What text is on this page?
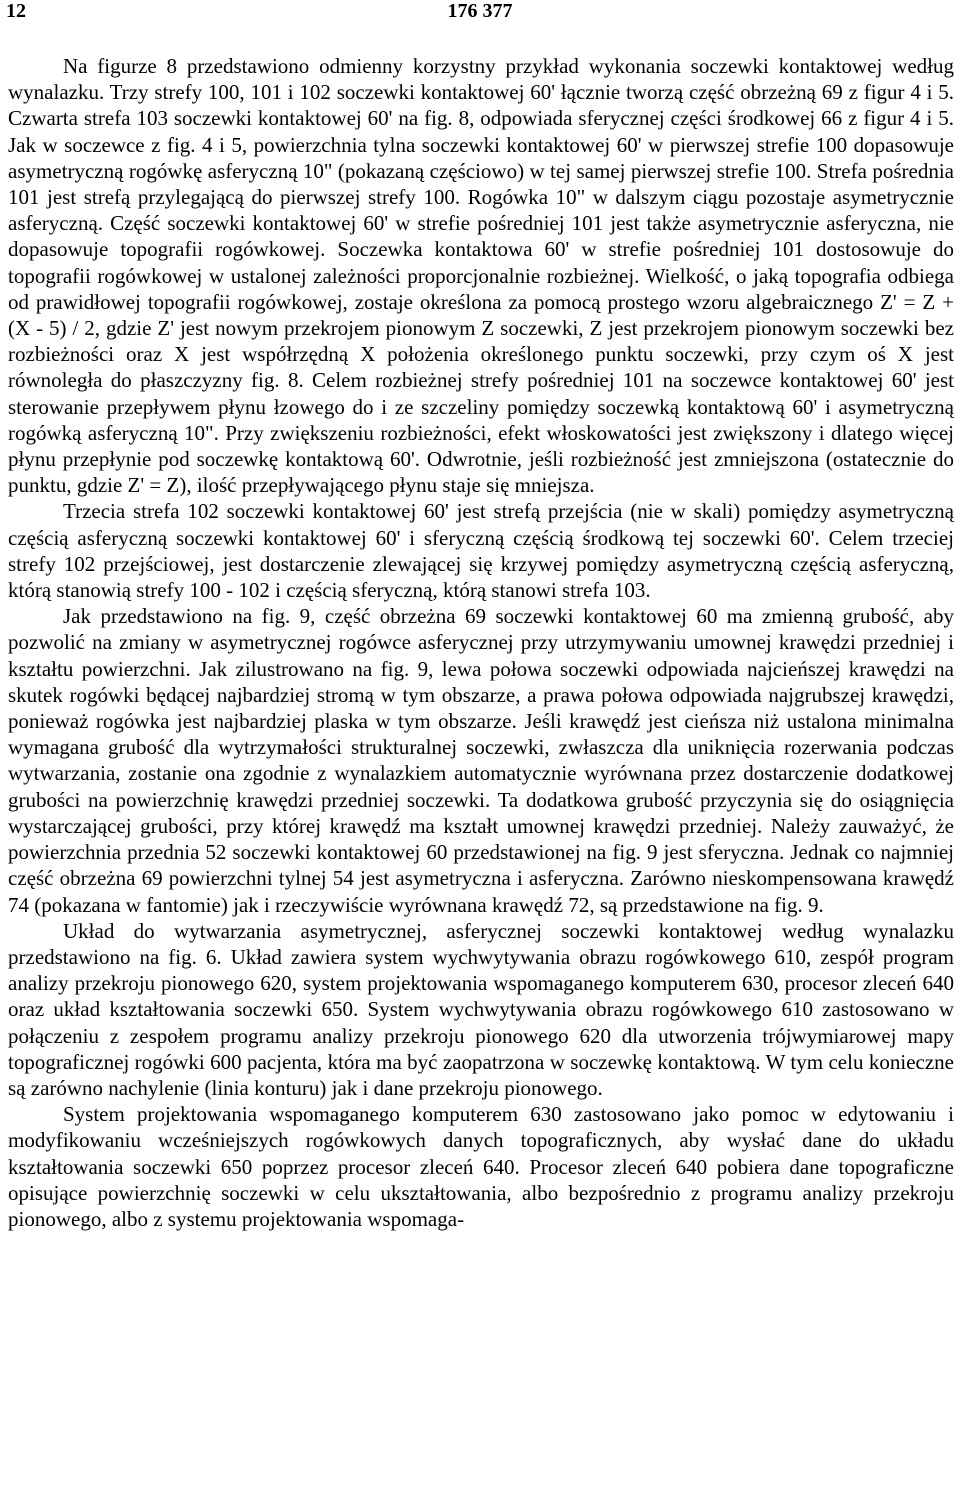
12	176 377

Na figurze 8 przedstawiono odmienny korzystny przykład wykonania soczewki kontaktowej według wynalazku. Trzy strefy 100, 101 i 102 soczewki kontaktowej 60' łącznie tworzą część obrzeżną 69 z figur 4 i 5. Czwarta strefa 103 soczewki kontaktowej 60' na fig. 8, odpowiada sferycznej części środkowej 66 z figur 4 i 5. Jak w soczewce z fig. 4 i 5, powierzchnia tylna soczewki kontaktowej 60' w pierwszej strefie 100 dopasowuje asymetryczną rogówkę asferyczną 10" (pokazaną częściowo) w tej samej pierwszej strefie 100. Strefa pośrednia 101 jest strefą przylegającą do pierwszej strefy 100. Rogówka 10" w dalszym ciągu pozostaje asymetrycznie asferyczną. Część soczewki kontaktowej 60' w strefie pośredniej 101 jest także asymetrycznie asferyczna, nie dopasowuje topografii rogówkowej. Soczewka kontaktowa 60' w strefie pośredniej 101 dostosowuje do topografii rogówkowej w ustalonej zależności proporcjonalnie rozbieżnej. Wielkość, o jaką topografia odbiega od prawidłowej topografii rogówkowej, zostaje określona za pomocą prostego wzoru algebraicznego Z' = Z + (X - 5) / 2, gdzie Z' jest nowym przekrojem pionowym Z soczewki, Z jest przekrojem pionowym soczewki bez rozbieżności oraz X jest współrzędną X położenia określonego punktu soczewki, przy czym oś X jest równoległa do płaszczyzny fig. 8. Celem rozbieżnej strefy pośredniej 101 na soczewce kontaktowej 60' jest sterowanie przepływem płynu łzowego do i ze szczeliny pomiędzy soczewką kontaktową 60' i asymetryczną rogówką asferyczną 10". Przy zwiększeniu rozbieżności, efekt włoskowatości jest zwiększony i dlatego więcej płynu przepłynie pod soczewkę kontaktową 60'. Odwrotnie, jeśli rozbieżność jest zmniejszona (ostatecznie do punktu, gdzie Z' = Z), ilość przepływającego płynu staje się mniejsza.

Trzecia strefa 102 soczewki kontaktowej 60' jest strefą przejścia (nie w skali) pomiędzy asymetryczną częścią asferyczną soczewki kontaktowej 60' i sferyczną częścią środkową tej soczewki 60'. Celem trzeciej strefy 102 przejściowej, jest dostarczenie zlewającej się krzywej pomiędzy asymetryczną częścią asferyczną, którą stanowią strefy 100 - 102 i częścią sferyczną, którą stanowi strefa 103.

Jak przedstawiono na fig. 9, część obrzeżna 69 soczewki kontaktowej 60 ma zmienną grubość, aby pozwolić na zmiany w asymetrycznej rogówce asferycznej przy utrzymywaniu umownej krawędzi przedniej i kształtu powierzchni. Jak zilustrowano na fig. 9, lewa połowa soczewki odpowiada najcieńszej krawędzi na skutek rogówki będącej najbardziej stromą w tym obszarze, a prawa połowa odpowiada najgrubszej krawędzi, ponieważ rogówka jest najbardziej plaska w tym obszarze. Jeśli krawędź jest cieńsza niż ustalona minimalna wymagana grubość dla wytrzymałości strukturalnej soczewki, zwłaszcza dla uniknięcia rozerwania podczas wytwarzania, zostanie ona zgodnie z wynalazkiem automatycznie wyrównana przez dostarczenie dodatkowej grubości na powierzchnię krawędzi przedniej soczewki. Ta dodatkowa grubość przyczynia się do osiągnięcia wystarczającej grubości, przy której krawędź ma kształt umownej krawędzi przedniej. Należy zauważyć, że powierzchnia przednia 52 soczewki kontaktowej 60 przedstawionej na fig. 9 jest sferyczna. Jednak co najmniej część obrzeżna 69 powierzchni tylnej 54 jest asymetryczna i asferyczna. Zarówno nieskompensowana krawędź 74 (pokazana w fantomie) jak i rzeczywiście wyrównana krawędź 72, są przedstawione na fig. 9.

Układ do wytwarzania asymetrycznej, asferycznej soczewki kontaktowej według wynalazku przedstawiono na fig. 6. Układ zawiera system wychwytywania obrazu rogówkowego 610, zespół program analizy przekroju pionowego 620, system projektowania wspomaganego komputerem 630, procesor zleceń 640 oraz układ kształtowania soczewki 650. System wychwytywania obrazu rogówkowego 610 zastosowano w połączeniu z zespołem programu analizy przekroju pionowego 620 dla utworzenia trójwymiarowej mapy topograficznej rogówki 600 pacjenta, która ma być zaopatrzona w soczewkę kontaktową. W tym celu konieczne są zarówno nachylenie (linia konturu) jak i dane przekroju pionowego.

System projektowania wspomaganego komputerem 630 zastosowano jako pomoc w edytowaniu i modyfikowaniu wcześniejszych rogówkowych danych topograficznych, aby wysłać dane do układu kształtowania soczewki 650 poprzez procesor zleceń 640. Procesor zleceń 640 pobiera dane topograficzne opisujące powierzchnię soczewki w celu ukształtowania, albo bezpośrednio z programu analizy przekroju pionowego, albo z systemu projektowania wspomaga-
